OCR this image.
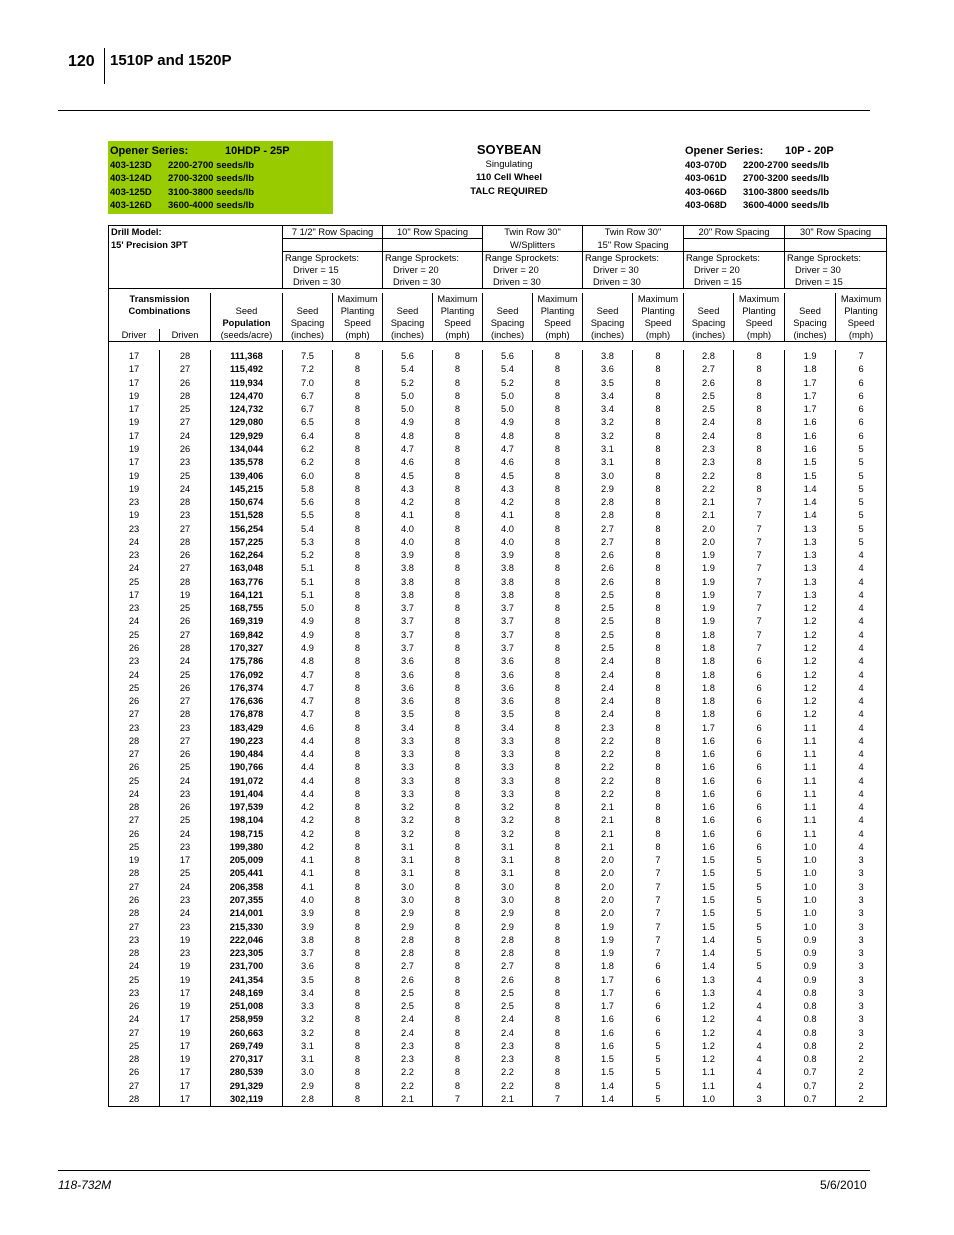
120 1510P and 1520P
Opener Series:	10HDP - 25P
403-123D 2200-2700 seeds/lb
403-124D 2700-3200 seeds/lb
403-125D 3100-3800 seeds/lb
403-126D 3600-4000 seeds/lb
SOYBEAN
Singulating
110 Cell Wheel
TALC REQUIRED
Opener Series: 10P - 20P
403-070D 2200-2700 seeds/lb
403-061D 2700-3200 seeds/lb
403-066D 3100-3800 seeds/lb
403-068D 3600-4000 seeds/lb
Drill Model:			7 1/2" Row Spacing		10" Row Spacing		Twin Row 30"		Twin Row 30"		20" Row Spacing		30" Row Spacing	
15' Precision 3PT							W/Splitters		15" Row Spacing					
			Range Sprockets:		Range Sprockets:		Range Sprockets:		Range Sprockets:		Range Sprockets:		Range Sprockets:	
			Driver = 15		Driver = 20		Driver = 20		Driver = 30		Driver = 20		Driver = 30	
			Driven = 30		Driven = 30		Driven = 30		Driven = 30		Driven = 15		Driven = 15	

Transmission				Maximum		Maximum		Maximum		Maximum		Maximum		Maximum
Combinations		Seed	Seed	Planting	Seed	Planting	Seed	Planting	Seed	Planting	Seed	Planting	Seed	Planting
		Population	Spacing	Speed	Spacing	Speed	Spacing	Speed	Spacing	Speed	Spacing	Speed	Spacing	Speed
Driver	Driven	(seeds/acre)	(inches)	(mph)	(inches)	(mph)	(inches)	(mph)	(inches)	(mph)	(inches)	(mph)	(inches)	(mph)

17	28	111,368	7.5	8	5.6	8	5.6	8	3.8	8	2.8	8	1.9	7
17	27	115,492	7.2	8	5.4	8	5.4	8	3.6	8	2.7	8	1.8	6
17	26	119,934	7.0	8	5.2	8	5.2	8	3.5	8	2.6	8	1.7	6
19	28	124,470	6.7	8	5.0	8	5.0	8	3.4	8	2.5	8	1.7	6
17	25	124,732	6.7	8	5.0	8	5.0	8	3.4	8	2.5	8	1.7	6
19	27	129,080	6.5	8	4.9	8	4.9	8	3.2	8	2.4	8	1.6	6
17	24	129,929	6.4	8	4.8	8	4.8	8	3.2	8	2.4	8	1.6	6
19	26	134,044	6.2	8	4.7	8	4.7	8	3.1	8	2.3	8	1.6	5
17	23	135,578	6.2	8	4.6	8	4.6	8	3.1	8	2.3	8	1.5	5
19	25	139,406	6.0	8	4.5	8	4.5	8	3.0	8	2.2	8	1.5	5
19	24	145,215	5.8	8	4.3	8	4.3	8	2.9	8	2.2	8	1.4	5
23	28	150,674	5.6	8	4.2	8	4.2	8	2.8	8	2.1	7	1.4	5
19	23	151,528	5.5	8	4.1	8	4.1	8	2.8	8	2.1	7	1.4	5
23	27	156,254	5.4	8	4.0	8	4.0	8	2.7	8	2.0	7	1.3	5
24	28	157,225	5.3	8	4.0	8	4.0	8	2.7	8	2.0	7	1.3	5
23	26	162,264	5.2	8	3.9	8	3.9	8	2.6	8	1.9	7	1.3	4
24	27	163,048	5.1	8	3.8	8	3.8	8	2.6	8	1.9	7	1.3	4
25	28	163,776	5.1	8	3.8	8	3.8	8	2.6	8	1.9	7	1.3	4
17	19	164,121	5.1	8	3.8	8	3.8	8	2.5	8	1.9	7	1.3	4
23	25	168,755	5.0	8	3.7	8	3.7	8	2.5	8	1.9	7	1.2	4
24	26	169,319	4.9	8	3.7	8	3.7	8	2.5	8	1.9	7	1.2	4
25	27	169,842	4.9	8	3.7	8	3.7	8	2.5	8	1.8	7	1.2	4
26	28	170,327	4.9	8	3.7	8	3.7	8	2.5	8	1.8	7	1.2	4
23	24	175,786	4.8	8	3.6	8	3.6	8	2.4	8	1.8	6	1.2	4
24	25	176,092	4.7	8	3.6	8	3.6	8	2.4	8	1.8	6	1.2	4
25	26	176,374	4.7	8	3.6	8	3.6	8	2.4	8	1.8	6	1.2	4
26	27	176,636	4.7	8	3.6	8	3.6	8	2.4	8	1.8	6	1.2	4
27	28	176,878	4.7	8	3.5	8	3.5	8	2.4	8	1.8	6	1.2	4
23	23	183,429	4.6	8	3.4	8	3.4	8	2.3	8	1.7	6	1.1	4
28	27	190,223	4.4	8	3.3	8	3.3	8	2.2	8	1.6	6	1.1	4
27	26	190,484	4.4	8	3.3	8	3.3	8	2.2	8	1.6	6	1.1	4
26	25	190,766	4.4	8	3.3	8	3.3	8	2.2	8	1.6	6	1.1	4
25	24	191,072	4.4	8	3.3	8	3.3	8	2.2	8	1.6	6	1.1	4
24	23	191,404	4.4	8	3.3	8	3.3	8	2.2	8	1.6	6	1.1	4
28	26	197,539	4.2	8	3.2	8	3.2	8	2.1	8	1.6	6	1.1	4
27	25	198,104	4.2	8	3.2	8	3.2	8	2.1	8	1.6	6	1.1	4
26	24	198,715	4.2	8	3.2	8	3.2	8	2.1	8	1.6	6	1.1	4
25	23	199,380	4.2	8	3.1	8	3.1	8	2.1	8	1.6	6	1.0	4
19	17	205,009	4.1	8	3.1	8	3.1	8	2.0	7	1.5	5	1.0	3
28	25	205,441	4.1	8	3.1	8	3.1	8	2.0	7	1.5	5	1.0	3
27	24	206,358	4.1	8	3.0	8	3.0	8	2.0	7	1.5	5	1.0	3
26	23	207,355	4.0	8	3.0	8	3.0	8	2.0	7	1.5	5	1.0	3
28	24	214,001	3.9	8	2.9	8	2.9	8	2.0	7	1.5	5	1.0	3
27	23	215,330	3.9	8	2.9	8	2.9	8	1.9	7	1.5	5	1.0	3
23	19	222,046	3.8	8	2.8	8	2.8	8	1.9	7	1.4	5	0.9	3
28	23	223,305	3.7	8	2.8	8	2.8	8	1.9	7	1.4	5	0.9	3
24	19	231,700	3.6	8	2.7	8	2.7	8	1.8	6	1.4	5	0.9	3
25	19	241,354	3.5	8	2.6	8	2.6	8	1.7	6	1.3	4	0.9	3
23	17	248,169	3.4	8	2.5	8	2.5	8	1.7	6	1.3	4	0.8	3
26	19	251,008	3.3	8	2.5	8	2.5	8	1.7	6	1.2	4	0.8	3
24	17	258,959	3.2	8	2.4	8	2.4	8	1.6	6	1.2	4	0.8	3
27	19	260,663	3.2	8	2.4	8	2.4	8	1.6	6	1.2	4	0.8	3
25	17	269,749	3.1	8	2.3	8	2.3	8	1.6	5	1.2	4	0.8	2
28	19	270,317	3.1	8	2.3	8	2.3	8	1.5	5	1.2	4	0.8	2
26	17	280,539	3.0	8	2.2	8	2.2	8	1.5	5	1.1	4	0.7	2
27	17	291,329	2.9	8	2.2	8	2.2	8	1.4	5	1.1	4	0.7	2
28	17	302,119	2.8	8	2.1	7	2.1	7	1.4	5	1.0	3	0.7	2
118-732M	5/6/2010
